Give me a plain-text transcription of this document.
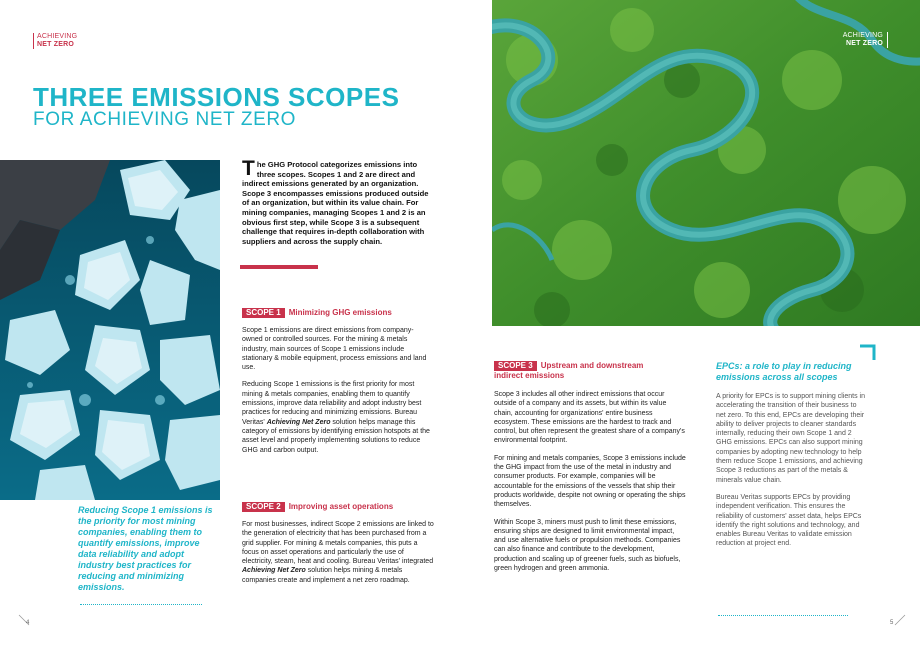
ACHIEVING
NET ZERO
ACHIEVING
NET ZERO
THREE EMISSIONS SCOPES
FOR ACHIEVING NET ZERO
The GHG Protocol categorizes emissions into three scopes. Scopes 1 and 2 are direct and indirect emissions generated by an organization. Scope 3 encompasses emissions produced outside of an organization, but within its value chain. For mining companies, managing Scopes 1 and 2 is an obvious first step, while Scope 3 is a subsequent challenge that requires in-depth collaboration with suppliers and across the supply chain.
SCOPE 1 Minimizing GHG emissions

Scope 1 emissions are direct emissions from company-owned or controlled sources. For the mining & metals industry, main sources of Scope 1 emissions include stationary & mobile equipment, process emissions and land use.

Reducing Scope 1 emissions is the first priority for most mining & metals companies, enabling them to quantify emissions, improve data reliability and adopt industry best practices for reducing and minimizing emissions. Bureau Veritas' Achieving Net Zero solution helps manage this category of emissions by identifying emission hotspots at the asset level and properly implementing solutions to reduce GHG and carbon output.

SCOPE 2 Improving asset operations

For most businesses, indirect Scope 2 emissions are linked to the generation of electricity that has been purchased from a grid supplier. For mining & metals companies, this puts a focus on asset operations and particularly the use of electricity, steam, heat and cooling. Bureau Veritas' integrated Achieving Net Zero solution helps mining & metals companies create and implement a net zero roadmap.

Reducing Scope 1 emissions is the priority for most mining companies, enabling them to quantify emissions, improve data reliability and adopt industry best practices for reducing and minimizing emissions.
SCOPE 3 Upstream and downstream
indirect emissions

Scope 3 includes all other indirect emissions that occur outside of a company and its assets, but within its value chain, accounting for organizations' entire business ecosystem. These emissions are the hardest to track and control, but often represent the greatest share of a company's environmental footprint.

For mining and metals companies, Scope 3 emissions include the GHG impact from the use of the metal in industry and consumer products. For example, companies will be accountable for the emissions of the vessels that ship their products worldwide, despite not owning or operating the ships themselves.

Within Scope 3, miners must push to limit these emissions, ensuring ships are designed to limit environmental impact, and use alternative fuels or propulsion methods. Companies can also finance and contribute to the development, production and scaling up of greener fuels, such as biofuels, green hydrogen and green ammonia.

EPCs: a role to play in reducing emissions across all scopes

A priority for EPCs is to support mining clients in accelerating the transition of their business to net zero. To this end, EPCs are developing their ability to deliver projects to cleaner standards internally, reducing their own Scope 1 and 2 GHG emissions. EPCs can also support mining companies by adopting new technology to help them reduce Scope 1 emissions, and achieving Scope 3 reductions as part of the metals & minerals value chain.

Bureau Veritas supports EPCs by providing independent verification. This ensures the reliability of customers' asset data, helps EPCs identify the right solutions and technology, and enables Bureau Veritas to validate emission reduction at project end.

4	5
